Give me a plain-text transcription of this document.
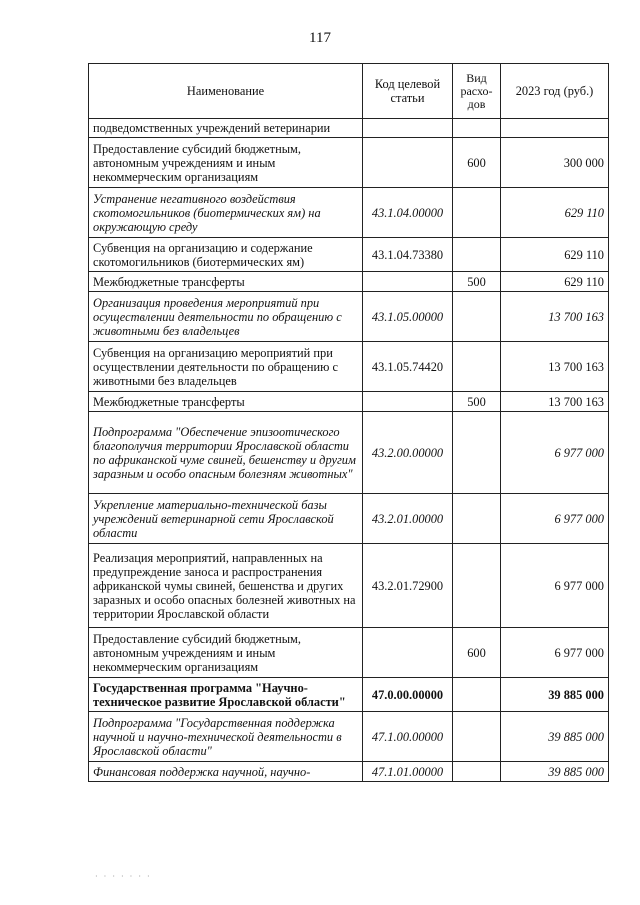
117
Наименование	Код целевой статьи	Вид расхо-дов	2023 год (руб.)
подведомственных учреждений ветеринарии			
Предоставление субсидий бюджетным, автономным учреждениям и иным некоммерческим организациям		600	300 000
Устранение негативного воздействия скотомогильников (биотермических ям) на окружающую среду	43.1.04.00000		629 110
Субвенция на организацию и содержание скотомогильников (биотермических ям)	43.1.04.73380		629 110
Межбюджетные трансферты		500	629 110
Организация проведения мероприятий при осуществлении деятельности по обращению с животными без владельцев	43.1.05.00000		13 700 163
Субвенция на организацию мероприятий при осуществлении деятельности по обращению с животными без владельцев	43.1.05.74420		13 700 163
Межбюджетные трансферты		500	13 700 163
Подпрограмма "Обеспечение эпизоотического благополучия территории Ярославской области по африканской чуме свиней, бешенству и другим заразным и особо опасным болезням животных"	43.2.00.00000		6 977 000
Укрепление материально-технической базы учреждений ветеринарной сети Ярославской области	43.2.01.00000		6 977 000
Реализация мероприятий, направленных на предупреждение заноса и распространения африканской чумы свиней, бешенства и других заразных и особо опасных болезней животных на территории Ярославской области	43.2.01.72900		6 977 000
Предоставление субсидий бюджетным, автономным учреждениям и иным некоммерческим организациям		600	6 977 000
Государственная программа "Научно-техническое развитие Ярославской области"	47.0.00.00000		39 885 000
Подпрограмма "Государственная поддержка научной и научно-технической деятельности в Ярославской области"	47.1.00.00000		39 885 000
Финансовая поддержка научной, научно-	47.1.01.00000		39 885 000
· · · · · · ·
